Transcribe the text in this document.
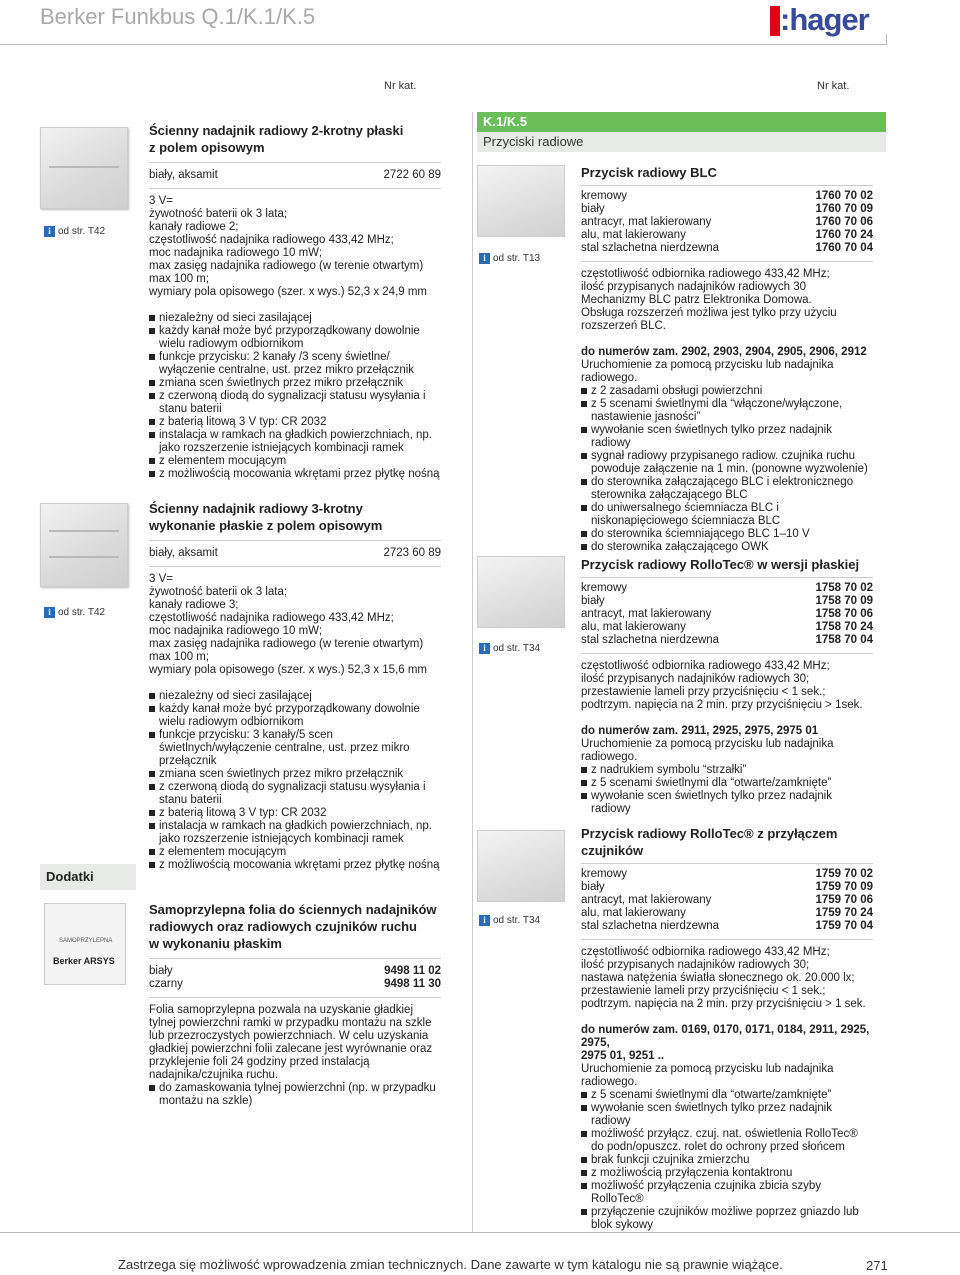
Berker Funkbus Q.1/K.1/K.5	:hager
Nr kat.	Nr kat.
i od str. T42
i od str. T42
Dodatki
SAMOPRZYLEPNA
Berker ARSYS
Ścienny nadajnik radiowy 2-krotny płaski
z polem opisowym
biały, aksamit	2722 60 89
3 V=
żywotność baterii ok 3 lata;
kanały radiowe 2;
częstotliwość nadajnika radiowego 433,42 MHz;
moc nadajnika radiowego 10 mW;
max zasięg nadajnika radiowego (w terenie otwartym)
max 100 m;
wymiary pola opisowego (szer. x wys.) 52,3 x 24,9 mm
niezależny od sieci zasilającej
każdy kanał może być przyporządkowany dowolnie wielu radiowym odbiornikom
funkcje przycisku: 2 kanały /3 sceny świetlne/ wyłączenie centralne, ust. przez mikro przełącznik
zmiana scen świetlnych przez mikro przełącznik
z czerwoną diodą do sygnalizacji statusu wysyłania i stanu baterii
z baterią litową 3 V typ: CR 2032
instalacja w ramkach na gładkich powierzchniach, np. jako rozszerzenie istniejących kombinacji ramek
z elementem mocującym
z możliwością mocowania wkrętami przez płytkę nośną
Ścienny nadajnik radiowy 3-krotny
wykonanie płaskie z polem opisowym
biały, aksamit	2723 60 89
3 V=
żywotność baterii ok 3 lata;
kanały radiowe 3;
częstotliwość nadajnika radiowego 433,42 MHz;
moc nadajnika radiowego 10 mW;
max zasięg nadajnika radiowego (w terenie otwartym)
max 100 m;
wymiary pola opisowego (szer. x wys.) 52,3 x 15,6 mm
niezależny od sieci zasilającej
każdy kanał może być przyporządkowany dowolnie wielu radiowym odbiornikom
funkcje przycisku: 3 kanały/5 scen świetlnych/wyłączenie centralne, ust. przez mikro przełącznik
zmiana scen świetlnych przez mikro przełącznik
z czerwoną diodą do sygnalizacji statusu wysyłania i stanu baterii
z baterią litową 3 V typ: CR 2032
instalacja w ramkach na gładkich powierzchniach, np. jako rozszerzenie istniejących kombinacji ramek
z elementem mocującym
z możliwością mocowania wkrętami przez płytkę nośną
Samoprzylepna folia do ściennych nadajników
radiowych oraz radiowych czujników ruchu
w wykonaniu płaskim
biały	9498 11 02
czarny	9498 11 30
Folia samoprzylepna pozwala na uzyskanie gładkiej tylnej powierzchni ramki w przypadku montażu na szkle lub przezroczystych powierzchniach. W celu uzyskania gładkiej powierzchni folii zalecane jest wyrównanie oraz przyklejenie foli 24 godziny przed instalacją nadajnika/czujnika ruchu.
do zamaskowania tylnej powierzchni (np. w przypadku montażu na szkle)
K.1/K.5
Przyciski radiowe
i od str. T13
i od str. T34
i od str. T34
Przycisk radiowy BLC
kremowy	1760 70 02
biały	1760 70 09
antracyr, mat lakierowany	1760 70 06
alu, mat lakierowany	1760 70 24
stal szlachetna nierdzewna	1760 70 04
częstotliwość odbiornika radiowego 433,42 MHz;
ilość przypisanych nadajników radiowych 30
Mechanizmy BLC patrz Elektronika Domowa.
Obsługa rozszerzeń możliwa jest tylko przy użyciu
rozszerzeń BLC.
do numerów zam. 2902, 2903, 2904, 2905, 2906, 2912
Uruchomienie za pomocą przycisku lub nadajnika radiowego.
z 2 zasadami obsługi powierzchni
z 5 scenami świetlnymi dla “włączone/wyłączone, nastawienie jasności”
wywołanie scen świetlnych tylko przez nadajnik radiowy
sygnał radiowy przypisanego radiow. czujnika ruchu powoduje załączenie na 1 min. (ponowne wyzwolenie)
do sterownika załączającego BLC i elektronicznego sterownika załączającego BLC
do uniwersalnego ściemniacza BLC i niskonapięciowego ściemniacza BLC
do sterownika ściemniającego BLC 1–10 V
do sterownika załączającego OWK
Przycisk radiowy RolloTec® w wersji płaskiej
kremowy	1758 70 02
biały	1758 70 09
antracyt, mat lakierowany	1758 70 06
alu, mat lakierowany	1758 70 24
stal szlachetna nierdzewna	1758 70 04
częstotliwość odbiornika radiowego 433,42 MHz;
ilość przypisanych nadajników radiowych 30;
przestawienie lameli przy przyciśnięciu < 1 sek.;
podtrzym. napięcia na 2 min. przy przyciśnięciu > 1sek.
do numerów zam. 2911, 2925, 2975, 2975 01
Uruchomienie za pomocą przycisku lub nadajnika radiowego.
z nadrukiem symbolu “strzałki”
z 5 scenami świetlnymi dla “otwarte/zamknięte”
wywołanie scen świetlnych tylko przez nadajnik radiowy
Przycisk radiowy RolloTec® z przyłączem
czujników
kremowy	1759 70 02
biały	1759 70 09
antracyt, mat lakierowany	1759 70 06
alu, mat lakierowany	1759 70 24
stal szlachetna nierdzewna	1759 70 04
częstotliwość odbiornika radiowego 433,42 MHz;
ilość przypisanych nadajników radiowych 30;
nastawa natężenia światła słonecznego ok. 20.000 lx;
przestawienie lameli przy przyciśnięciu < 1 sek.;
podtrzym. napięcia na 2 min. przy przyciśnięciu > 1 sek.
do numerów zam. 0169, 0170, 0171, 0184, 2911, 2925, 2975,
2975 01, 9251 ..
Uruchomienie za pomocą przycisku lub nadajnika radiowego.
z 5 scenami świetlnymi dla “otwarte/zamknięte”
wywołanie scen świetlnych tylko przez nadajnik radiowy
możliwość przyłącz. czuj. nat. oświetlenia RolloTec® do podn/opuszcz. rolet do ochrony przed słońcem
brak funkcji czujnika zmierzchu
z możliwością przyłączenia kontaktronu
możliwość przyłączenia czujnika zbicia szyby RolloTec®
przyłączenie czujników możliwe poprzez gniazdo lub blok sykowy
Zastrzega się możliwość wprowadzenia zmian technicznych. Dane zawarte w tym katalogu nie są prawnie wiążące.	271
